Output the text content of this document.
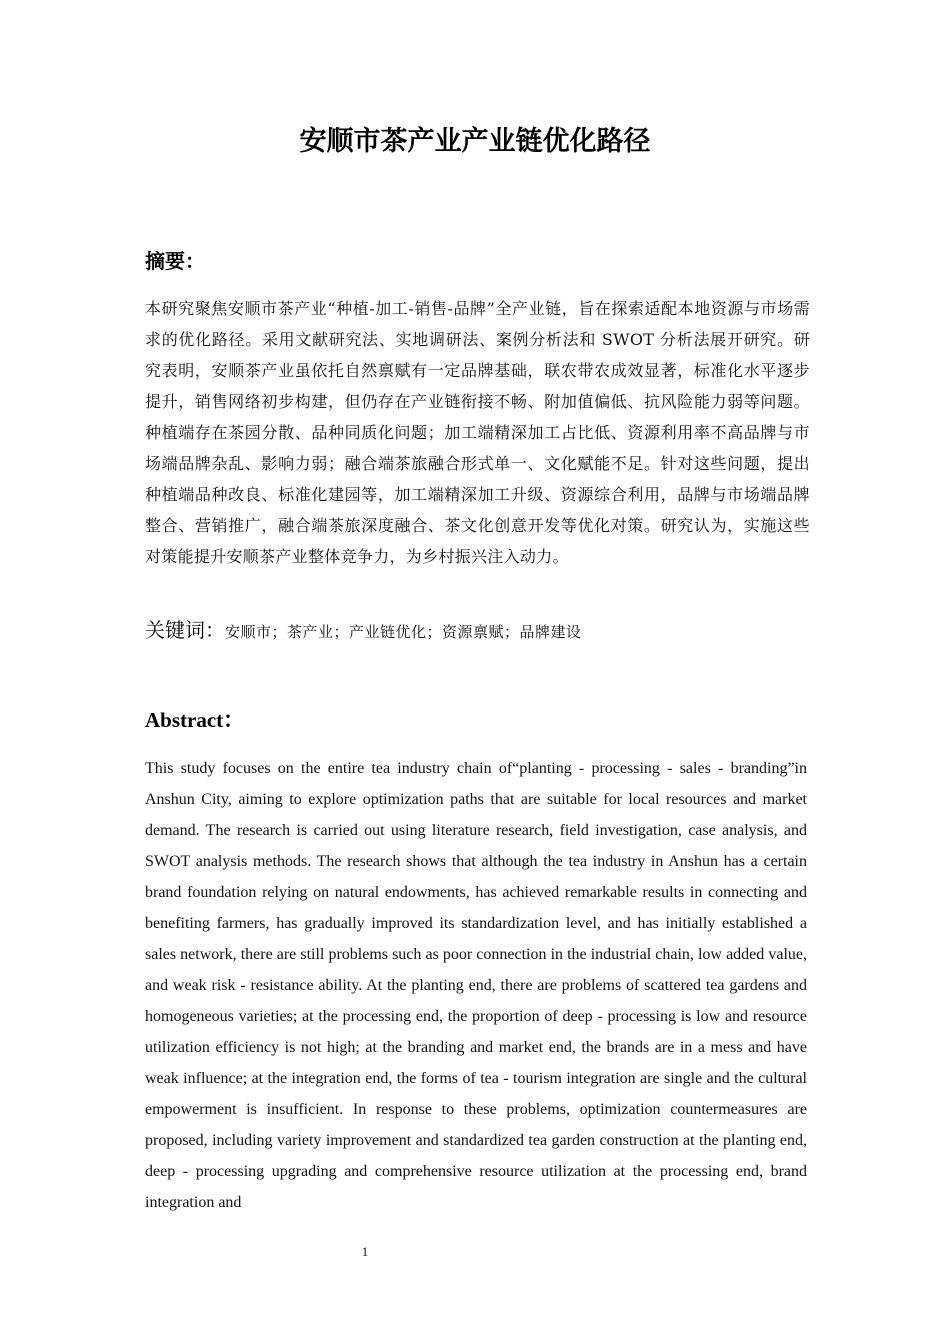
安顺市茶产业产业链优化路径
摘要：

本研究聚焦安顺市茶产业“种植-加工-销售-品牌”全产业链，旨在探索适配本地资源与市场需求的优化路径。采用文献研究法、实地调研法、案例分析法和 SWOT 分析法展开研究。研究表明，安顺茶产业虽依托自然禀赋有一定品牌基础，联农带农成效显著，标准化水平逐步提升，销售网络初步构建，但仍存在产业链衔接不畅、附加值偏低、抗风险能力弱等问题。种植端存在茶园分散、品种同质化问题；加工端精深加工占比低、资源利用率不高品牌与市场端品牌杂乱、影响力弱；融合端茶旅融合形式单一、文化赋能不足。针对这些问题，提出种植端品种改良、标准化建园等，加工端精深加工升级、资源综合利用，品牌与市场端品牌整合、营销推广，融合端茶旅深度融合、茶文化创意开发等优化对策。研究认为，实施这些对策能提升安顺茶产业整体竞争力，为乡村振兴注入动力。

关键词：安顺市；茶产业；产业链优化；资源禀赋；品牌建设
Abstract：

This study focuses on the entire tea industry chain of“planting - processing - sales - branding”in Anshun City, aiming to explore optimization paths that are suitable for local resources and market demand. The research is carried out using literature research, field investigation, case analysis, and SWOT analysis methods. The research shows that although the tea industry in Anshun has a certain brand foundation relying on natural endowments, has achieved remarkable results in connecting and benefiting farmers, has gradually improved its standardization level, and has initially established a sales network, there are still problems such as poor connection in the industrial chain, low added value, and weak risk - resistance ability. At the planting end, there are problems of scattered tea gardens and homogeneous varieties; at the processing end, the proportion of deep - processing is low and resource utilization efficiency is not high; at the branding and market end, the brands are in a mess and have weak influence; at the integration end, the forms of tea - tourism integration are single and the cultural empowerment is insufficient. In response to these problems, optimization countermeasures are proposed, including variety improvement and standardized tea garden construction at the planting end, deep - processing upgrading and comprehensive resource utilization at the processing end, brand integration and

1
